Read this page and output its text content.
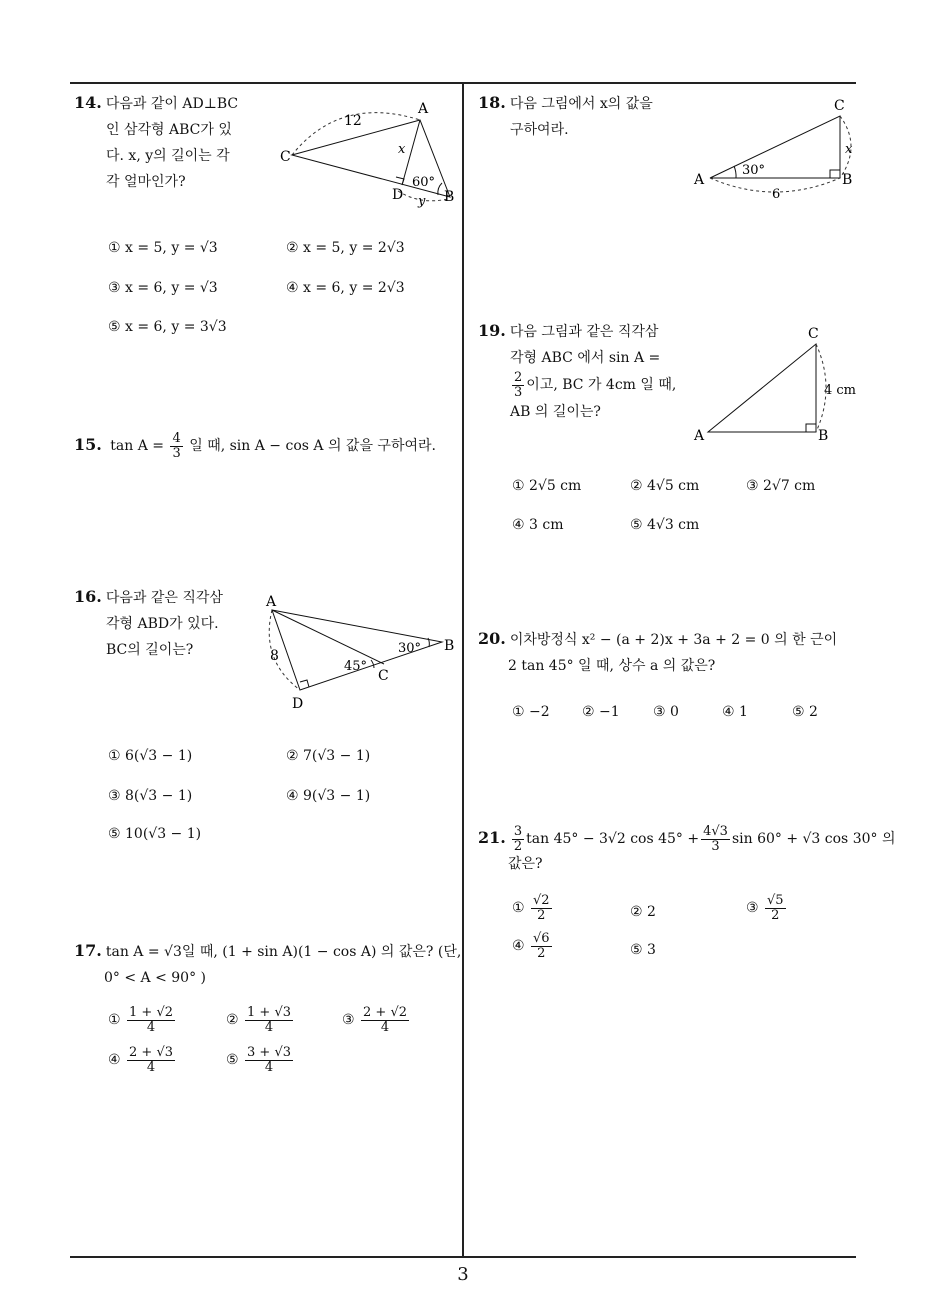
3
14. 다음과 같이 AD⊥BC
인 삼각형 ABC가 있
다. x, y의 길이는 각
각 얼마인가?
C
A
B
D
12
x
y
60°
① x = 5, y = √3	② x = 5, y = 2√3
③ x = 6, y = √3	④ x = 6, y = 2√3
⑤ x = 6, y = 3√3
15. $\tan A = \frac{4}{3}$ 일 때, sin A − cos A 의 값을 구하여라.
16. 다음과 같은 직각삼
각형 ABD가 있다.
BC의 길이는?
A
B
C
D
8	30°
45°
① 6(√3 − 1)	② 7(√3 − 1)
③ 8(√3 − 1)	④ 9(√3 − 1)
⑤ 10(√3 − 1)
17. tan A = √3일 때, (1 + sin A)(1 − cos A) 의 값은? (단,
0° < A < 90° )
① $\frac{1 + √2}{4}$	② $\frac{1 + √3}{4}$	③ $\frac{2 + √2}{4}$
④ $\frac{2 + √3}{4}$	⑤ $\frac{3 + √3}{4}$
18. 다음 그림에서 x의 값을
구하여라.
A	B
C
30°
x
6
19. 다음 그림과 같은 직각삼
각형 ABC 에서 sin A =
$\frac{2}{3}$ 이고, BC 가 4cm 일 때,
AB 의 길이는?
A	B
C
4 cm
① 2√5 cm	② 4√5 cm	③ 2√7 cm
④ 3 cm	⑤ 4√3 cm
20. 이차방정식 x² − (a + 2)x + 3a + 2 = 0 의 한 근이
2 tan 45° 일 때, 상수 a 의 값은?
① −2 ② −1 ③ 0	④ 1	⑤ 2
21. $\frac{3}{2}$ tan 45° − 3√2 $\cos 45^\circ + \frac{4√3}{3}$ sin 60° + √3 cos 30° 의
값은?
① $\frac{√2}{2}$	② 2	③ $\frac{√5}{2}$
④ $\frac{√6}{2}$	⑤ 3
